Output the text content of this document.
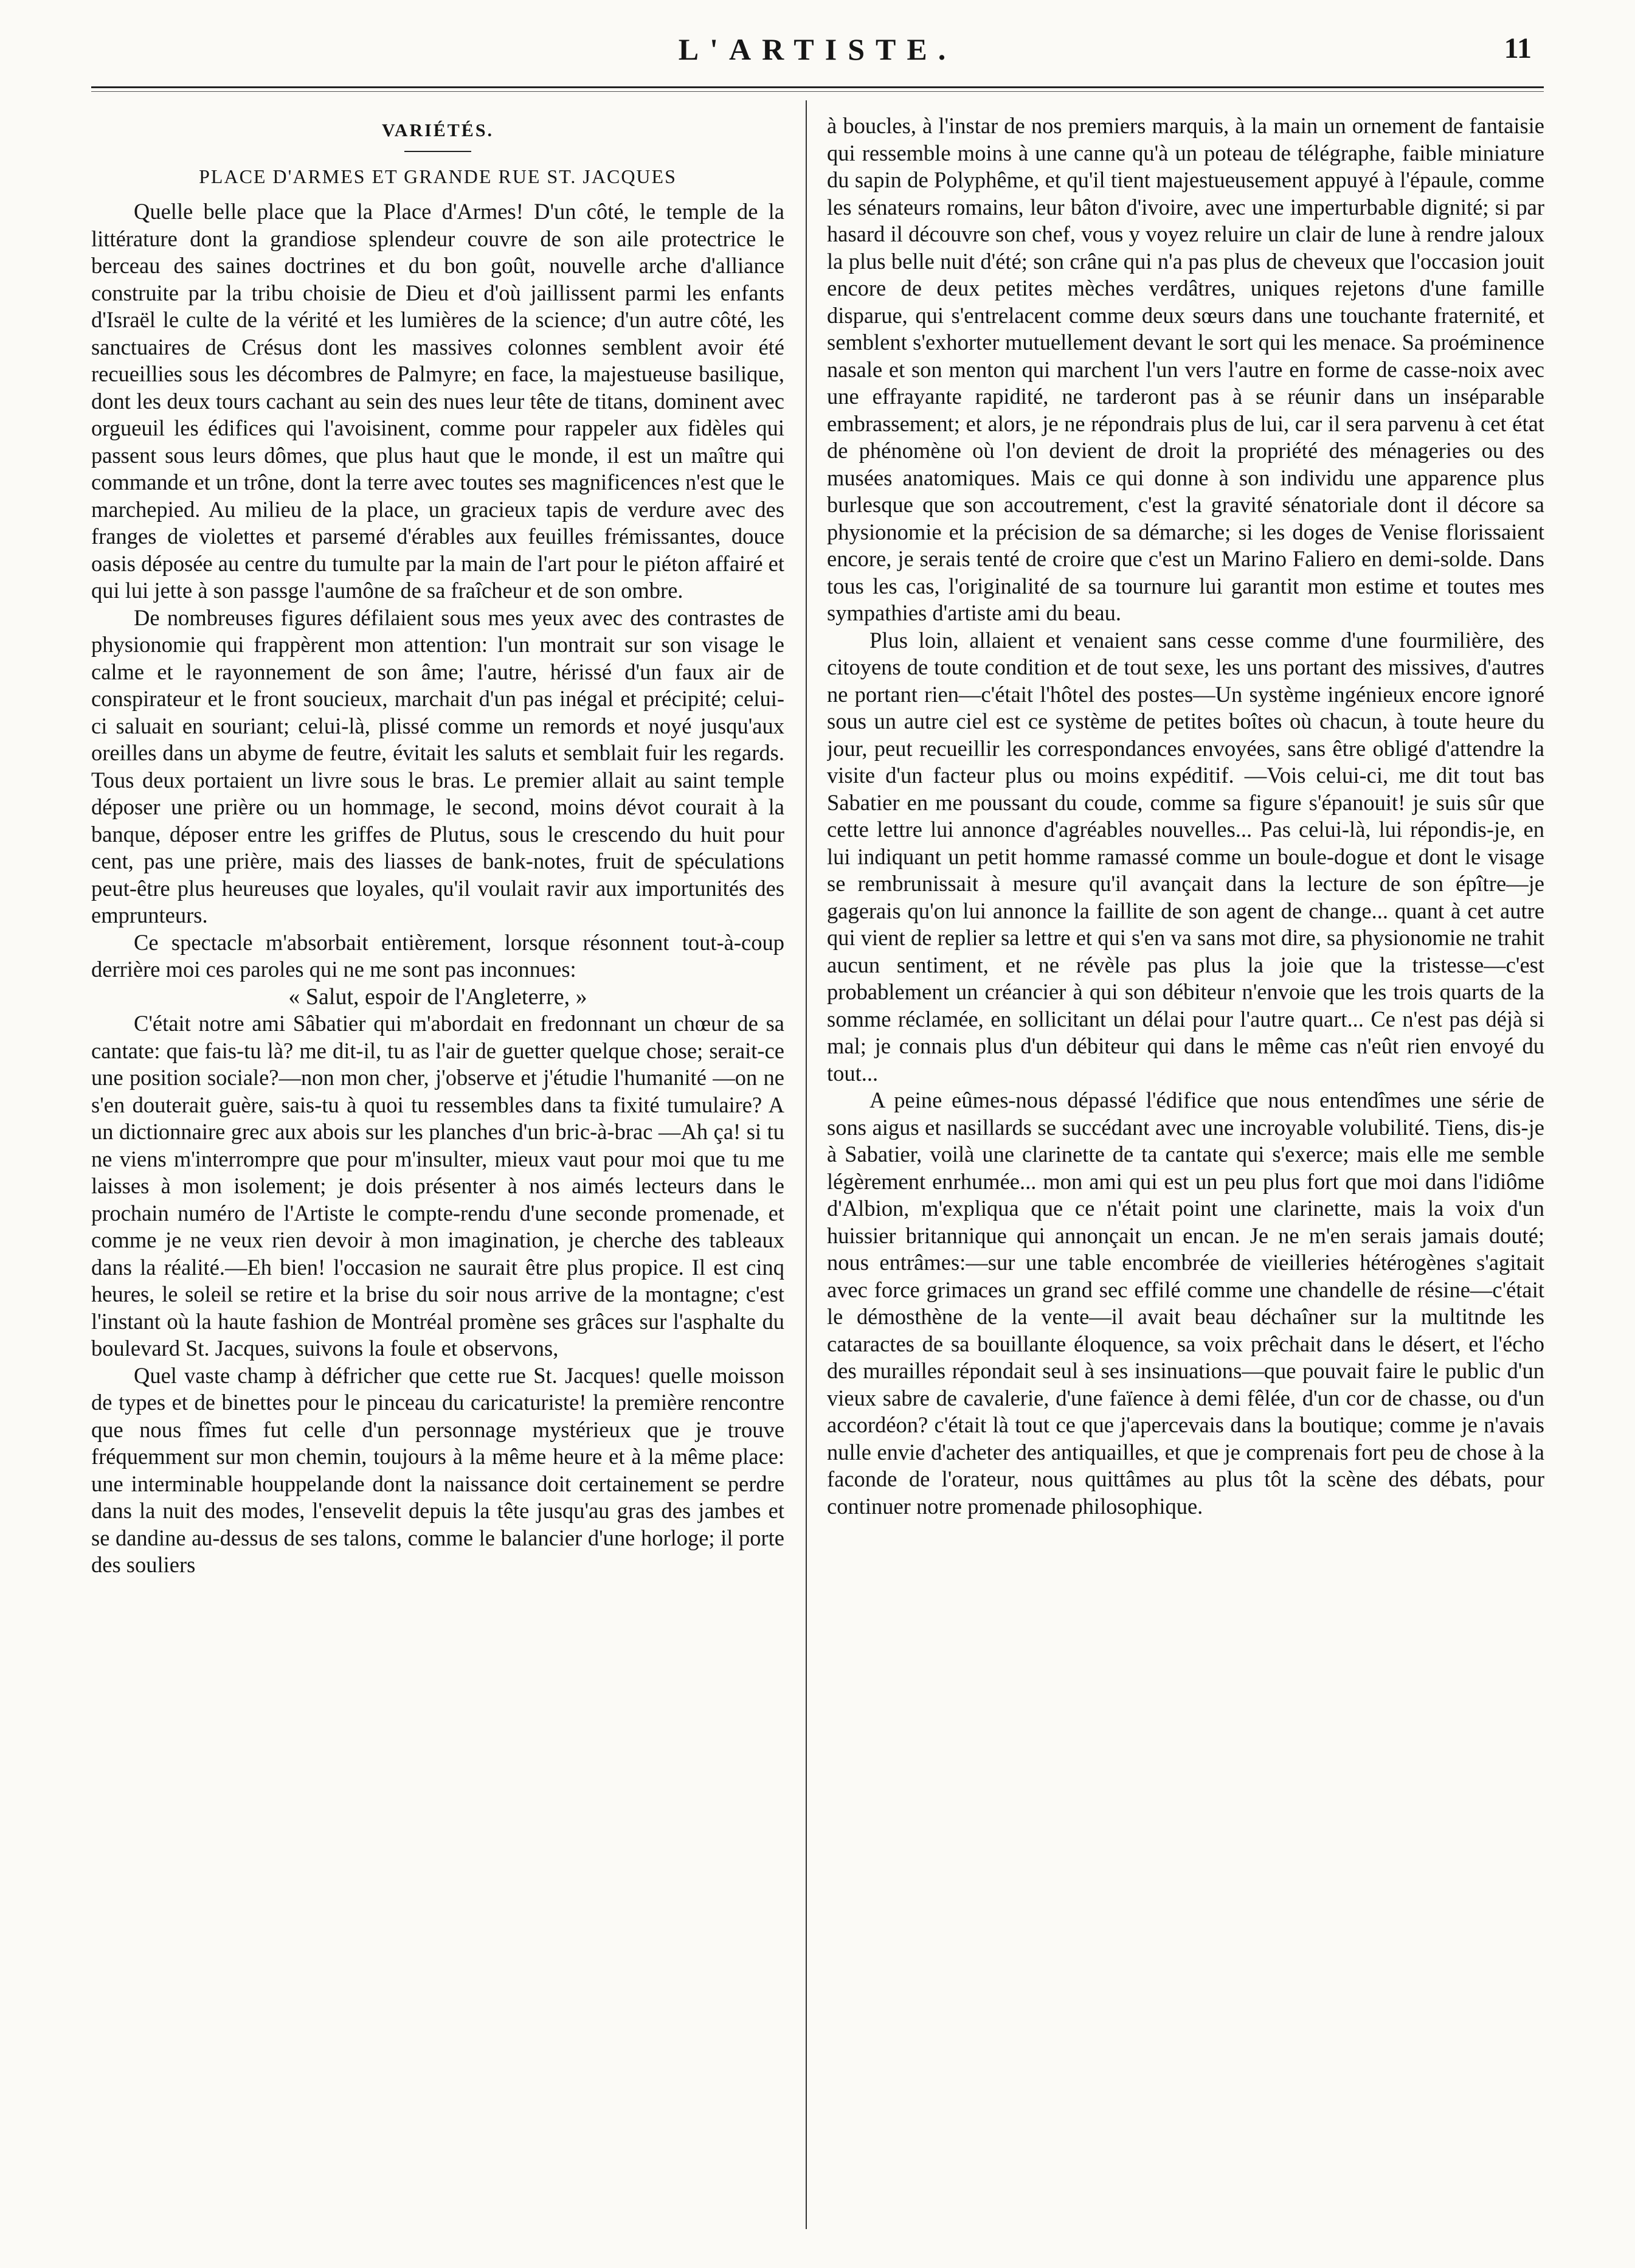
L'ARTISTE.	11
VARIÉTÉS.
PLACE D'ARMES ET GRANDE RUE ST. JACQUES

Quelle belle place que la Place d'Armes! D'un côté, le temple de la littérature dont la grandiose splendeur couvre de son aile protectrice le berceau des saines doctrines et du bon goût, nouvelle arche d'alliance construite par la tribu choisie de Dieu et d'où jaillissent parmi les enfants d'Israël le culte de la vérité et les lumières de la science; d'un autre côté, les sanctuaires de Crésus dont les massives colonnes semblent avoir été recueillies sous les décombres de Palmyre; en face, la majestueuse basilique, dont les deux tours cachant au sein des nues leur tête de titans, dominent avec orgueuil les édifices qui l'avoisinent, comme pour rappeler aux fidèles qui passent sous leurs dômes, que plus haut que le monde, il est un maître qui commande et un trône, dont la terre avec toutes ses magnificences n'est que le marchepied. Au milieu de la place, un gracieux tapis de verdure avec des franges de violettes et parsemé d'érables aux feuilles frémissantes, douce oasis déposée au centre du tumulte par la main de l'art pour le piéton affairé et qui lui jette à son passge l'aumône de sa fraîcheur et de son ombre.

De nombreuses figures défilaient sous mes yeux avec des contrastes de physionomie qui frappèrent mon attention: l'un montrait sur son visage le calme et le rayonnement de son âme; l'autre, hérissé d'un faux air de conspirateur et le front soucieux, marchait d'un pas inégal et précipité; celui-ci saluait en souriant; celui-là, plissé comme un remords et noyé jusqu'aux oreilles dans un abyme de feutre, évitait les saluts et semblait fuir les regards. Tous deux portaient un livre sous le bras. Le premier allait au saint temple déposer une prière ou un hommage, le second, moins dévot courait à la banque, déposer entre les griffes de Plutus, sous le crescendo du huit pour cent, pas une prière, mais des liasses de bank-notes, fruit de spéculations peut-être plus heureuses que loyales, qu'il voulait ravir aux importunités des emprunteurs.

Ce spectacle m'absorbait entièrement, lorsque résonnent tout-à-coup derrière moi ces paroles qui ne me sont pas inconnues:

« Salut, espoir de l'Angleterre, »

C'était notre ami Sâbatier qui m'abordait en fredonnant un chœur de sa cantate: que fais-tu là? me dit-il, tu as l'air de guetter quelque chose; serait-ce une position sociale?—non mon cher, j'observe et j'étudie l'humanité —on ne s'en douterait guère, sais-tu à quoi tu ressembles dans ta fixité tumulaire? A un dictionnaire grec aux abois sur les planches d'un bric-à-brac —Ah ça! si tu ne viens m'interrompre que pour m'insulter, mieux vaut pour moi que tu me laisses à mon isolement; je dois présenter à nos aimés lecteurs dans le prochain numéro de l'Artiste le compte-rendu d'une seconde promenade, et comme je ne veux rien devoir à mon imagination, je cherche des tableaux dans la réalité.—Eh bien! l'occasion ne saurait être plus propice. Il est cinq heures, le soleil se retire et la brise du soir nous arrive de la montagne; c'est l'instant où la haute fashion de Montréal promène ses grâces sur l'asphalte du boulevard St. Jacques, suivons la foule et observons,

Quel vaste champ à défricher que cette rue St. Jacques! quelle moisson de types et de binettes pour le pinceau du caricaturiste! la première rencontre que nous fîmes fut celle d'un personnage mystérieux que je trouve fréquemment sur mon chemin, toujours à la même heure et à la même place: une interminable houppelande dont la naissance doit certainement se perdre dans la nuit des modes, l'ensevelit depuis la tête jusqu'au gras des jambes et se dandine au-dessus de ses talons, comme le balancier d'une horloge; il porte des souliers

à boucles, à l'instar de nos premiers marquis, à la main un ornement de fantaisie qui ressemble moins à une canne qu'à un poteau de télégraphe, faible miniature du sapin de Polyphême, et qu'il tient majestueusement appuyé à l'épaule, comme les sénateurs romains, leur bâton d'ivoire, avec une imperturbable dignité; si par hasard il découvre son chef, vous y voyez reluire un clair de lune à rendre jaloux la plus belle nuit d'été; son crâne qui n'a pas plus de cheveux que l'occasion jouit encore de deux petites mèches verdâtres, uniques rejetons d'une famille disparue, qui s'entrelacent comme deux sœurs dans une touchante fraternité, et semblent s'exhorter mutuellement devant le sort qui les menace. Sa proéminence nasale et son menton qui marchent l'un vers l'autre en forme de casse-noix avec une effrayante rapidité, ne tarderont pas à se réunir dans un inséparable embrassement; et alors, je ne répondrais plus de lui, car il sera parvenu à cet état de phénomène où l'on devient de droit la propriété des ménageries ou des musées anatomiques. Mais ce qui donne à son individu une apparence plus burlesque que son accoutrement, c'est la gravité sénatoriale dont il décore sa physionomie et la précision de sa démarche; si les doges de Venise florissaient encore, je serais tenté de croire que c'est un Marino Faliero en demi-solde. Dans tous les cas, l'originalité de sa tournure lui garantit mon estime et toutes mes sympathies d'artiste ami du beau.

Plus loin, allaient et venaient sans cesse comme d'une fourmilière, des citoyens de toute condition et de tout sexe, les uns portant des missives, d'autres ne portant rien—c'était l'hôtel des postes—Un système ingénieux encore ignoré sous un autre ciel est ce système de petites boîtes où chacun, à toute heure du jour, peut recueillir les correspondances envoyées, sans être obligé d'attendre la visite d'un facteur plus ou moins expéditif. —Vois celui-ci, me dit tout bas Sabatier en me poussant du coude, comme sa figure s'épanouit! je suis sûr que cette lettre lui annonce d'agréables nouvelles... Pas celui-là, lui répondis-je, en lui indiquant un petit homme ramassé comme un boule-dogue et dont le visage se rembrunissait à mesure qu'il avançait dans la lecture de son épître—je gagerais qu'on lui annonce la faillite de son agent de change... quant à cet autre qui vient de replier sa lettre et qui s'en va sans mot dire, sa physionomie ne trahit aucun sentiment, et ne révèle pas plus la joie que la tristesse—c'est probablement un créancier à qui son débiteur n'envoie que les trois quarts de la somme réclamée, en sollicitant un délai pour l'autre quart... Ce n'est pas déjà si mal; je connais plus d'un débiteur qui dans le même cas n'eût rien envoyé du tout...

A peine eûmes-nous dépassé l'édifice que nous entendîmes une série de sons aigus et nasillards se succédant avec une incroyable volubilité. Tiens, dis-je à Sabatier, voilà une clarinette de ta cantate qui s'exerce; mais elle me semble légèrement enrhumée... mon ami qui est un peu plus fort que moi dans l'idiôme d'Albion, m'expliqua que ce n'était point une clarinette, mais la voix d'un huissier britannique qui annonçait un encan. Je ne m'en serais jamais douté; nous entrâmes:—sur une table encombrée de vieilleries hétérogènes s'agitait avec force grimaces un grand sec effilé comme une chandelle de résine—c'était le démosthène de la vente—il avait beau déchaîner sur la multitnde les cataractes de sa bouillante éloquence, sa voix prêchait dans le désert, et l'écho des murailles répondait seul à ses insinuations—que pouvait faire le public d'un vieux sabre de cavalerie, d'une faïence à demi fêlée, d'un cor de chasse, ou d'un accordéon? c'était là tout ce que j'apercevais dans la boutique; comme je n'avais nulle envie d'acheter des antiquailles, et que je comprenais fort peu de chose à la faconde de l'orateur, nous quittâmes au plus tôt la scène des débats, pour continuer notre promenade philosophique.
